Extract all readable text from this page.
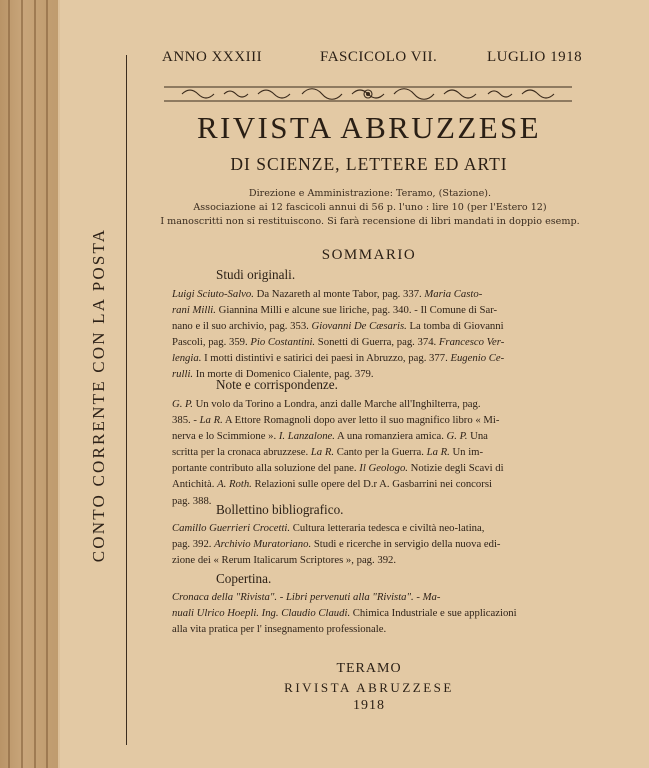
CONTO CORRENTE CON LA POSTA
ANNO XXXIII	FASCICOLO VII.	LUGLIO 1918
RIVISTA ABRUZZESE
DI SCIENZE, LETTERE ED ARTI
Direzione e Amministrazione: Teramo, (Stazione).
Associazione ai 12 fascicoli annui di 56 p. l'uno : lire 10 (per l'Estero 12)
I manoscritti non si restituiscono. Si farà recensione di libri mandati in doppio esemp.
SOMMARIO
Studi originali.
Luigi Sciuto-Salvo. Da Nazareth al monte Tabor, pag. 337. Maria Casto-
rani Milli. Giannina Milli e alcune sue liriche, pag. 340. - Il Comune di Sar-
nano e il suo archivio, pag. 353. Giovanni De Cæsaris. La tomba di Giovanni
Pascoli, pag. 359. Pio Costantini. Sonetti di Guerra, pag. 374. Francesco Ver-
lengia. I motti distintivi e satirici dei paesi in Abruzzo, pag. 377. Eugenio Ce-
rulli. In morte di Domenico Cialente, pag. 379.
Note e corrispondenze.
G. P. Un volo da Torino a Londra, anzi dalle Marche all'Inghilterra, pag.
385. - La R. A Ettore Romagnoli dopo aver letto il suo magnifico libro « Mi-
nerva e lo Scimmione ». I. Lanzalone. A una romanziera amica. G. P. Una
scritta per la cronaca abruzzese. La R. Canto per la Guerra. La R. Un im-
portante contributo alla soluzione del pane. Il Geologo. Notizie degli Scavi di
Antichità. A. Roth. Relazioni sulle opere del D.r A. Gasbarrini nei concorsi
pag. 388.
Bollettino bibliografico.
Camillo Guerrieri Crocetti. Cultura letteraria tedesca e civiltà neo-latina,
pag. 392. Archivio Muratoriano. Studi e ricerche in servigio della nuova edi-
zione dei « Rerum Italicarum Scriptores », pag. 392.
Copertina.
Cronaca della "Rivista". - Libri pervenuti alla "Rivista". - Ma-
nuali Ulrico Hoepli. Ing. Claudio Claudi. Chimica Industriale e sue applicazioni
alla vita pratica per l' insegnamento professionale.
TERAMO
RIVISTA ABRUZZESE
1918
